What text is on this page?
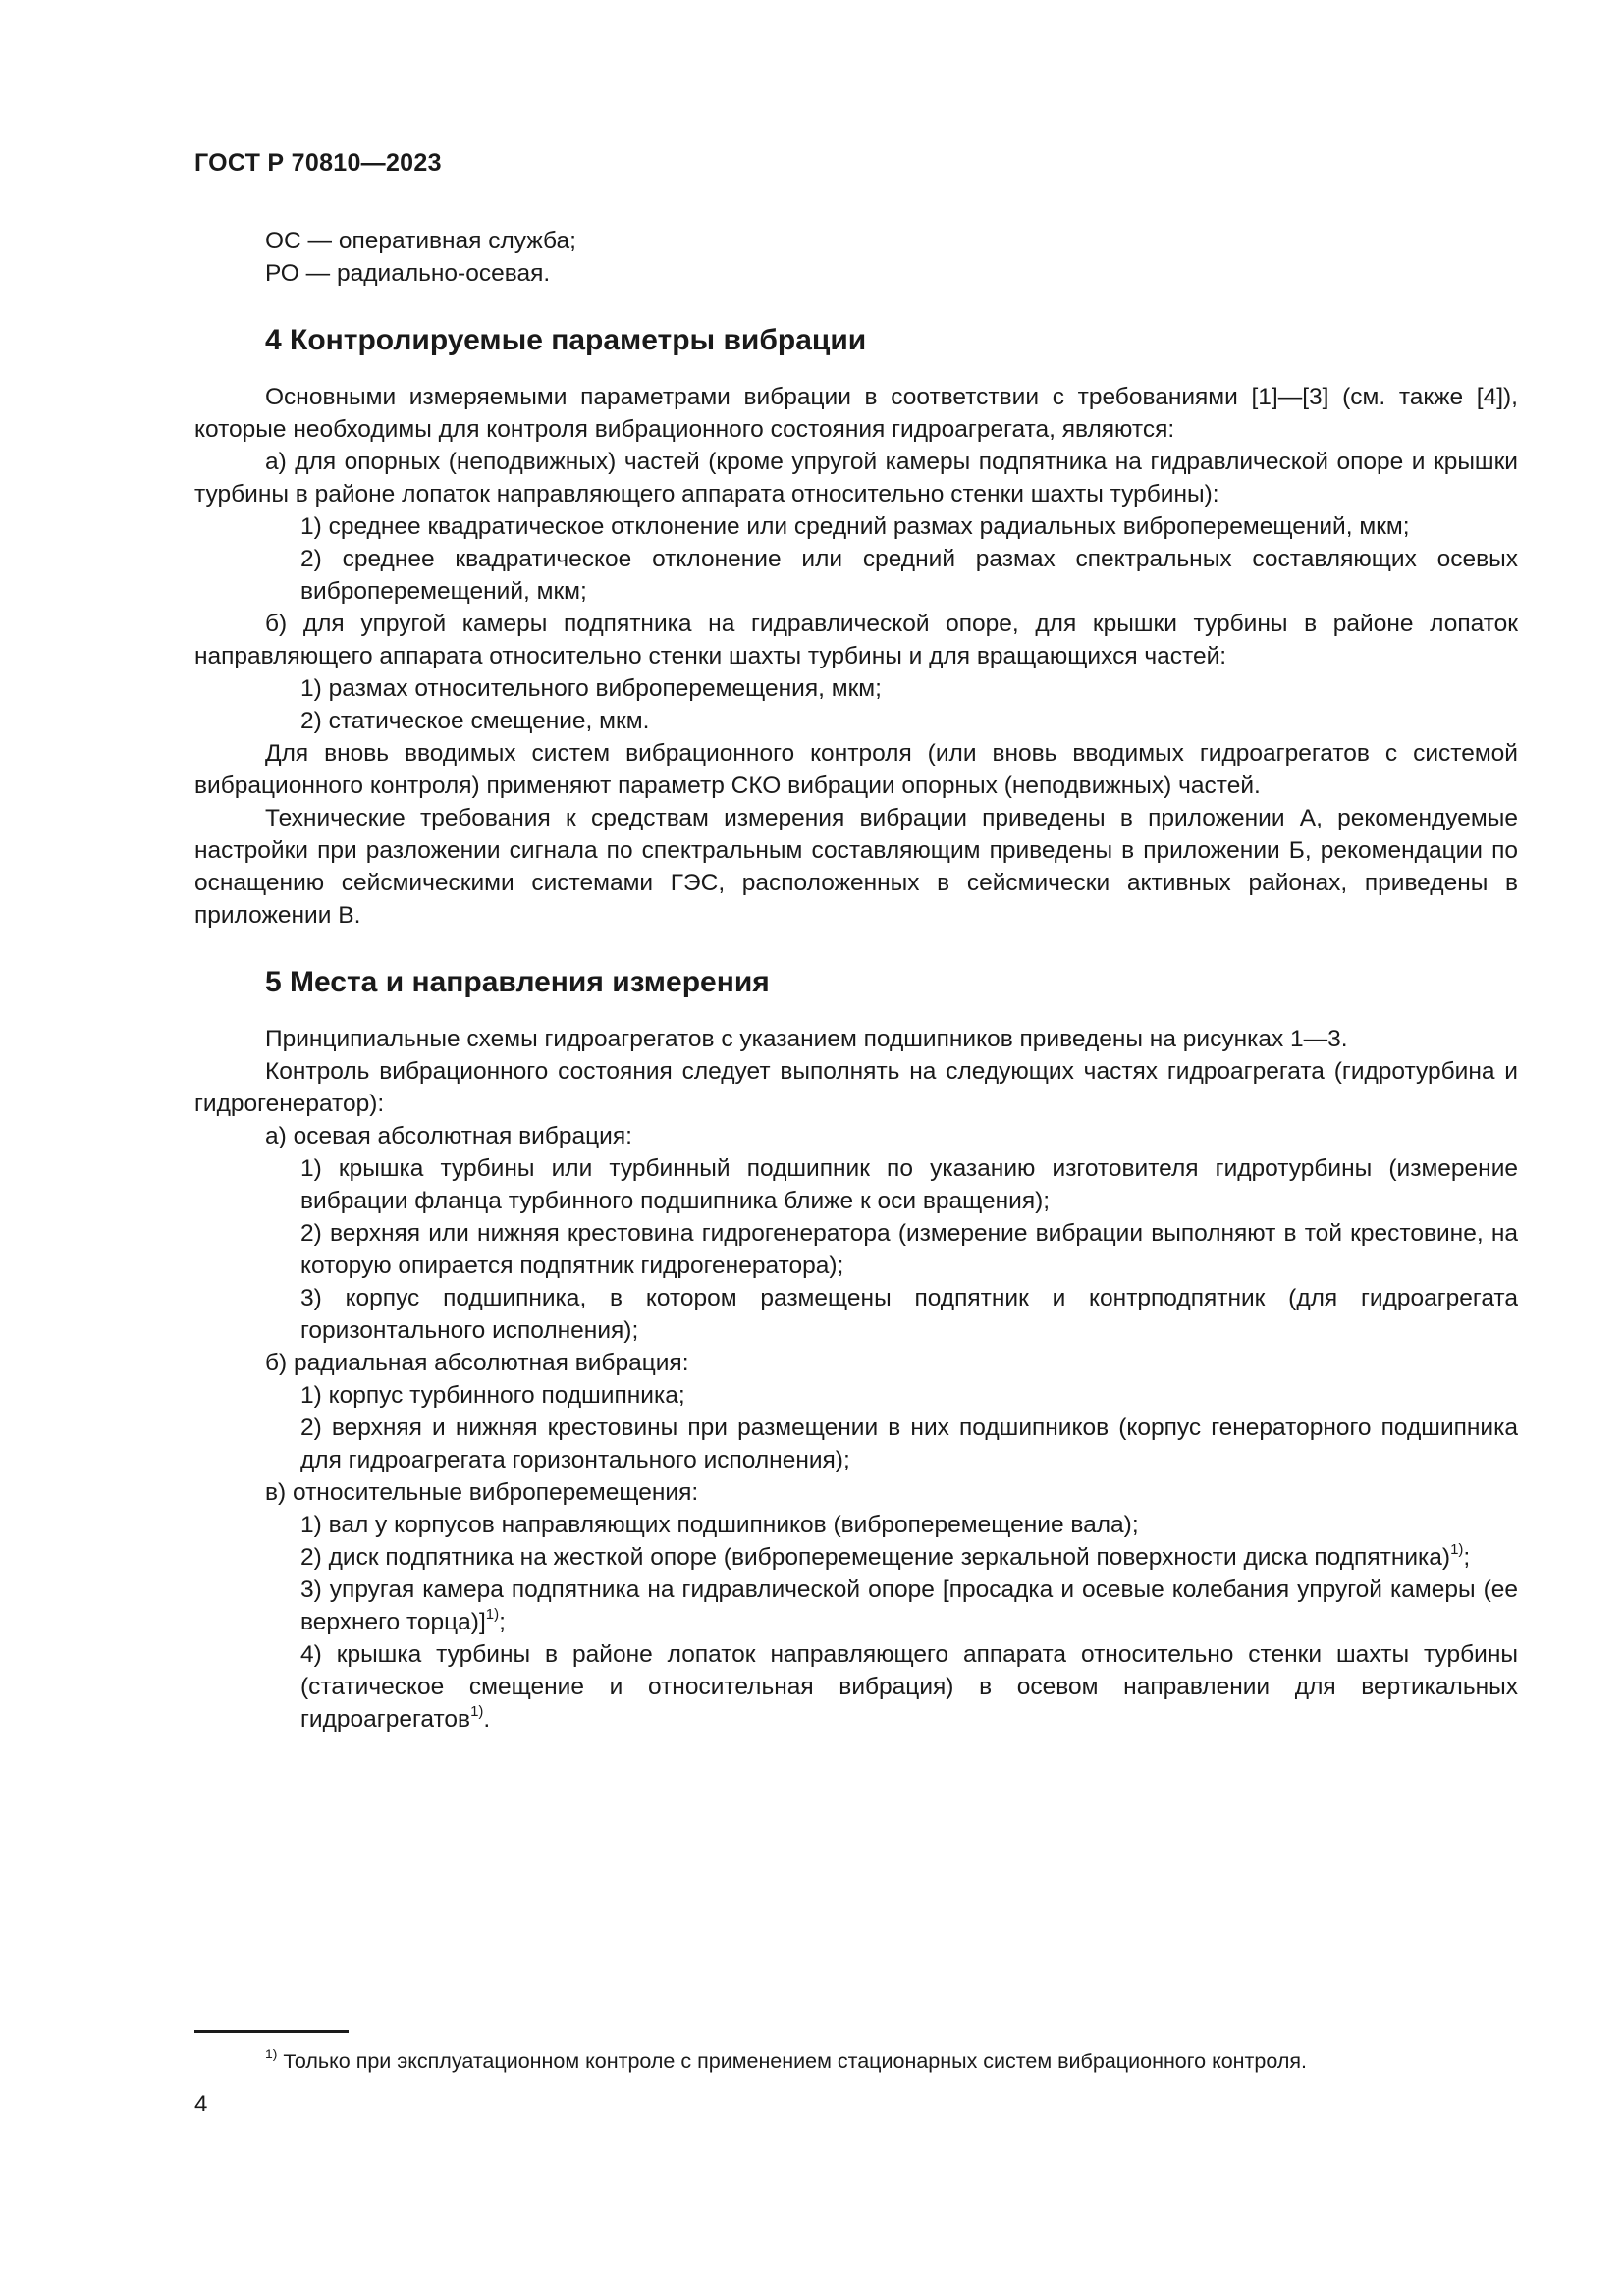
ГОСТ Р 70810—2023

ОС — оперативная служба;

РО — радиально-осевая.

4 Контролируемые параметры вибрации

Основными измеряемыми параметрами вибрации в соответствии с требованиями [1]—[3] (см. также [4]), которые необходимы для контроля вибрационного состояния гидроагрегата, являются:

а) для опорных (неподвижных) частей (кроме упругой камеры подпятника на гидравлической опоре и крышки турбины в районе лопаток направляющего аппарата относительно стенки шахты турбины):

1) среднее квадратическое отклонение или средний размах радиальных виброперемещений, мкм;

2) среднее квадратическое отклонение или средний размах спектральных составляющих осевых виброперемещений, мкм;

б) для упругой камеры подпятника на гидравлической опоре, для крышки турбины в районе лопаток направляющего аппарата относительно стенки шахты турбины и для вращающихся частей:

1) размах относительного виброперемещения, мкм;

2) статическое смещение, мкм.

Для вновь вводимых систем вибрационного контроля (или вновь вводимых гидроагрегатов с системой вибрационного контроля) применяют параметр СКО вибрации опорных (неподвижных) частей.

Технические требования к средствам измерения вибрации приведены в приложении А, рекомендуемые настройки при разложении сигнала по спектральным составляющим приведены в приложении Б, рекомендации по оснащению сейсмическими системами ГЭС, расположенных в сейсмически активных районах, приведены в приложении В.

5 Места и направления измерения

Принципиальные схемы гидроагрегатов с указанием подшипников приведены на рисунках 1—3.

Контроль вибрационного состояния следует выполнять на следующих частях гидроагрегата (гидротурбина и гидрогенератор):

а) осевая абсолютная вибрация:

1) крышка турбины или турбинный подшипник по указанию изготовителя гидротурбины (измерение вибрации фланца турбинного подшипника ближе к оси вращения);

2) верхняя или нижняя крестовина гидрогенератора (измерение вибрации выполняют в той крестовине, на которую опирается подпятник гидрогенератора);

3) корпус подшипника, в котором размещены подпятник и контрподпятник (для гидроагрегата горизонтального исполнения);

б) радиальная абсолютная вибрация:

1) корпус турбинного подшипника;

2) верхняя и нижняя крестовины при размещении в них подшипников (корпус генераторного подшипника для гидроагрегата горизонтального исполнения);

в) относительные виброперемещения:

1) вал у корпусов направляющих подшипников (виброперемещение вала);

2) диск подпятника на жесткой опоре (виброперемещение зеркальной поверхности диска подпятника)$^{1)}$;

3) упругая камера подпятника на гидравлической опоре [просадка и осевые колебания упругой камеры (ее верхнего торца)]$^{1)}$;

4) крышка турбины в районе лопаток направляющего аппарата относительно стенки шахты турбины (статическое смещение и относительная вибрация) в осевом направлении для вертикальных гидроагрегатов$^{1)}$.

$^{1)}$ Только при эксплуатационном контроле с применением стационарных систем вибрационного контроля.

4
